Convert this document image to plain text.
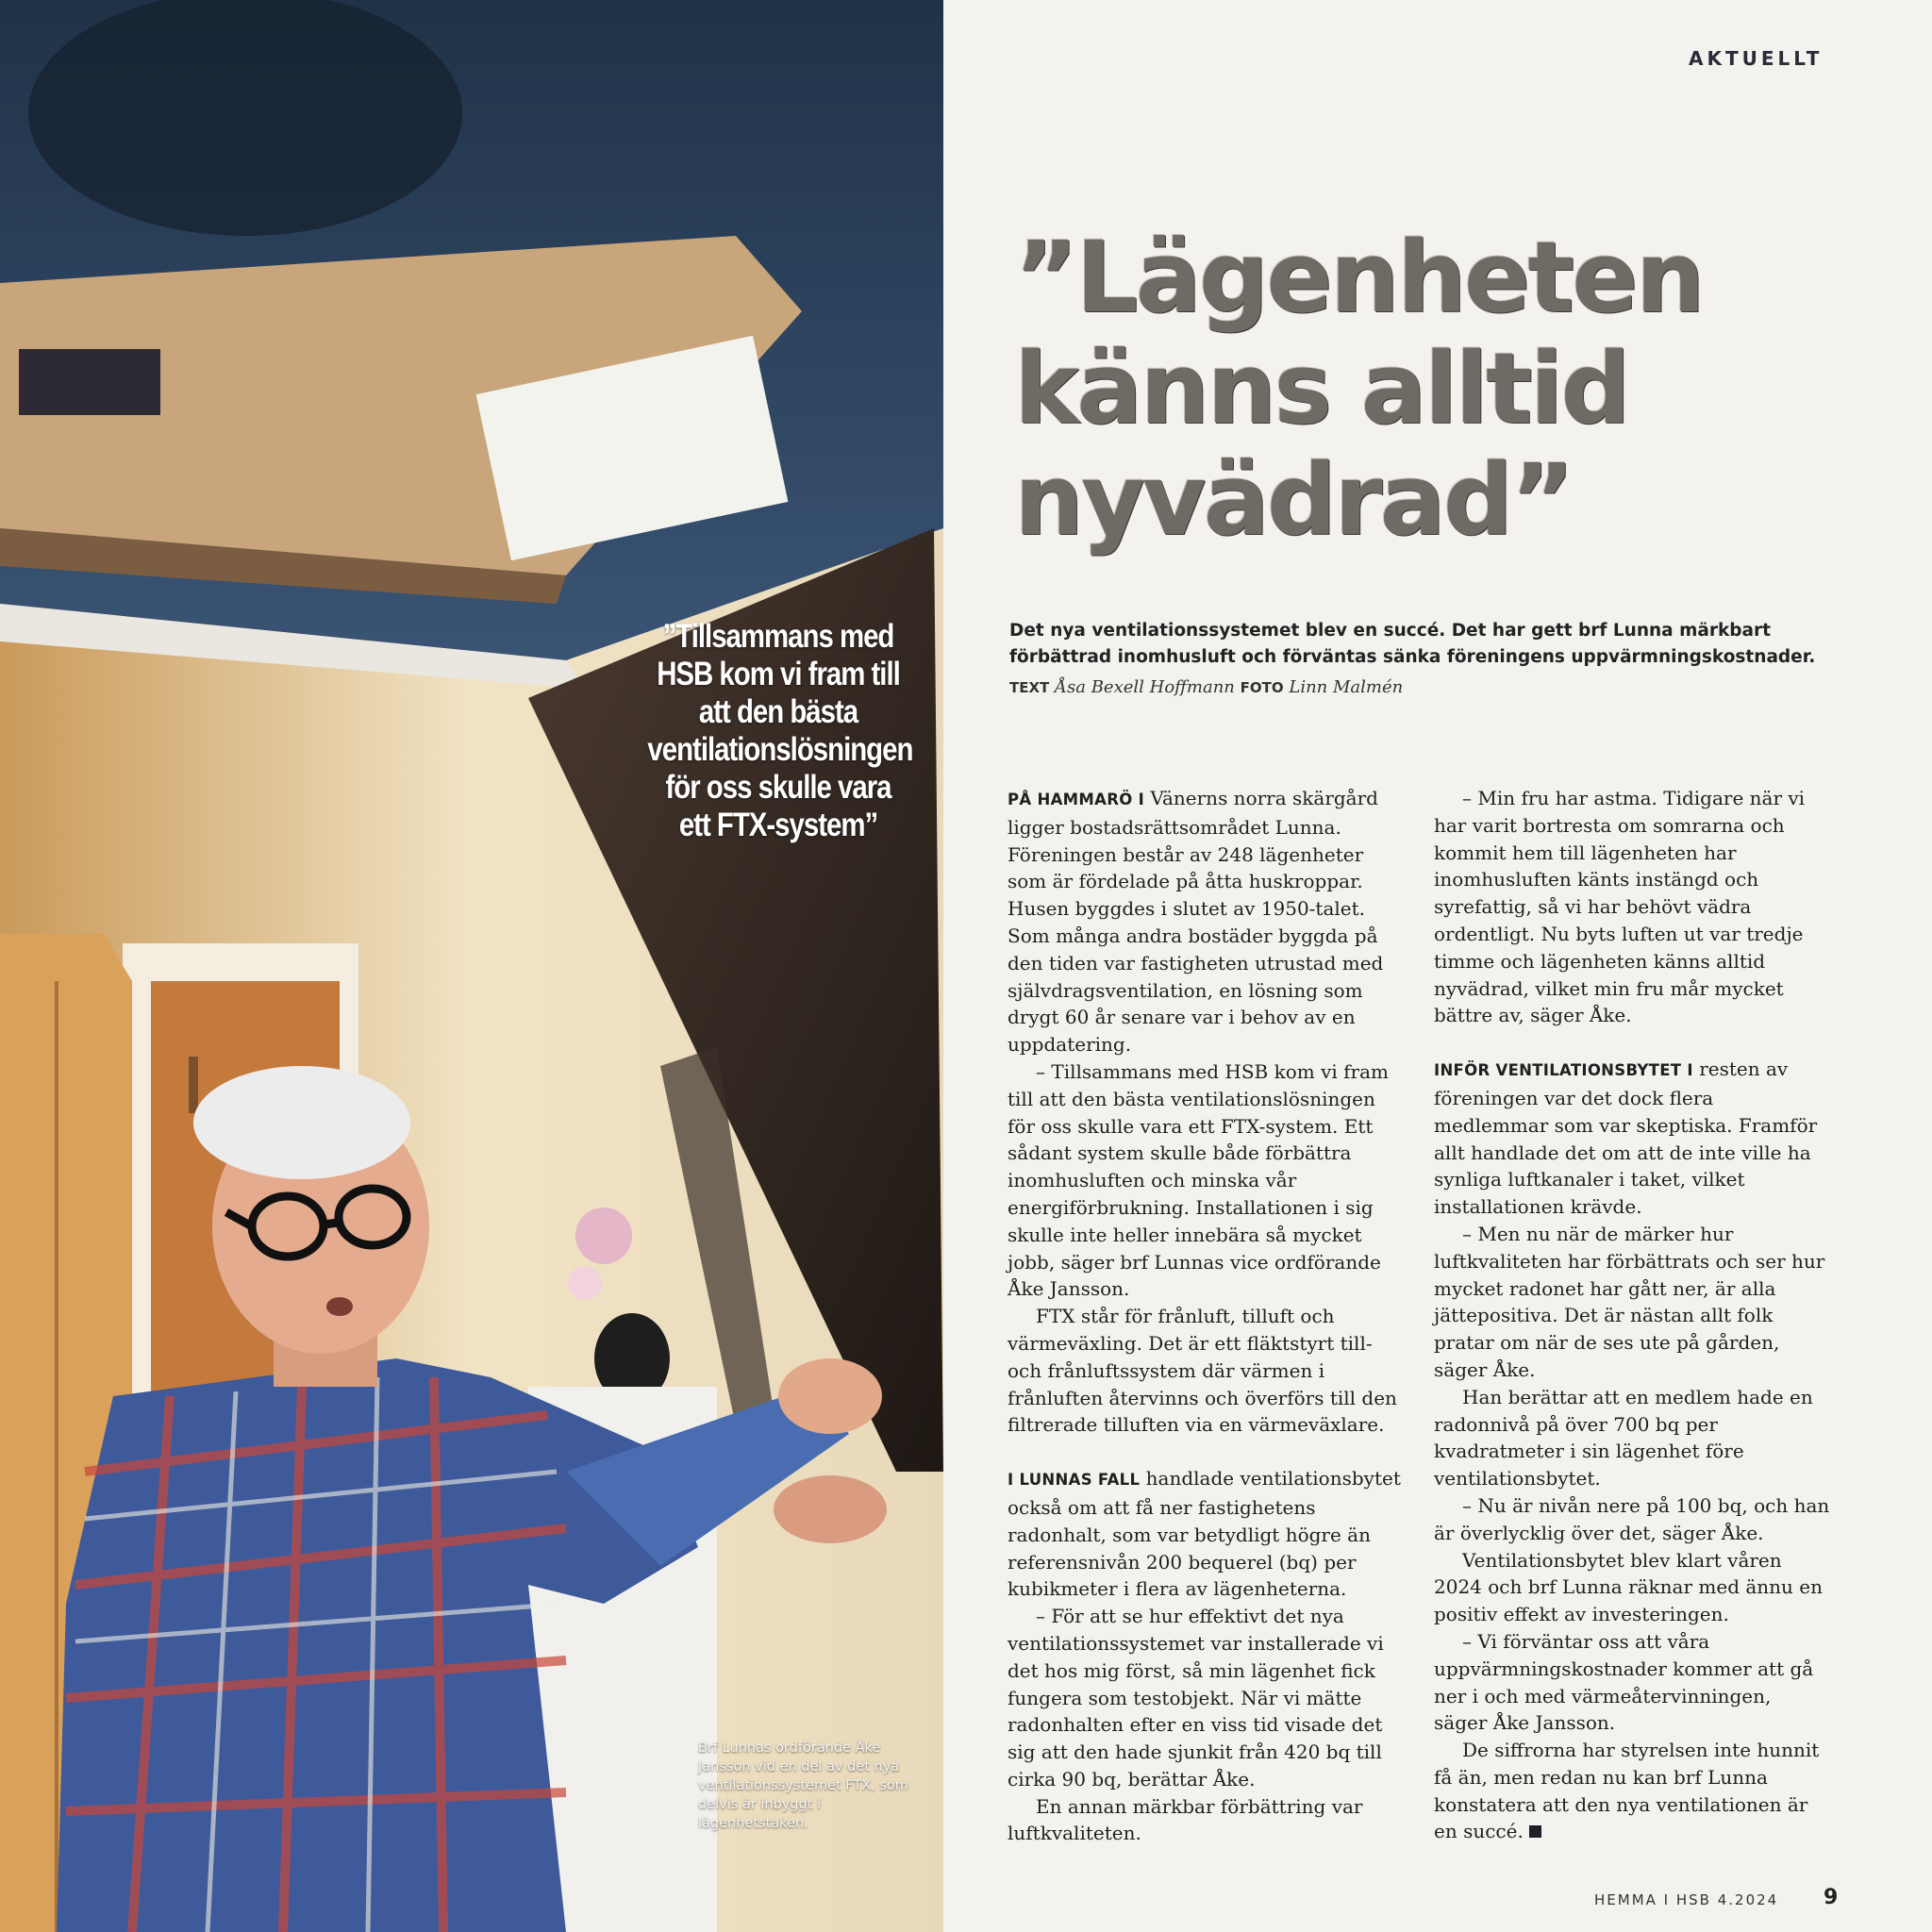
”Tillsammans med HSB kom vi fram till att den bästa ventilationslösningen för oss skulle vara ett FTX-system”
Brf Lunnas ordförande Åke Jansson vid en del av det nya ventilationssystemet FTX, som delvis är inbyggt i lägenhetstaken.
AKTUELLT
”Lägenheten
känns alltid
nyvädrad”
Det nya ventilationssystemet blev en succé. Det har gett brf Lunna märkbart förbättrad inomhusluft och förväntas sänka föreningens uppvärmningskostnader.
TEXT Åsa Bexell Hoffmann FOTO Linn Malmén

PÅ HAMMARÖ I Vänerns norra skärgård ligger bostadsrättsområdet Lunna. Föreningen består av 248 lägenheter som är fördelade på åtta huskroppar. Husen byggdes i slutet av 1950-talet. Som många andra bostäder byggda på den tiden var fastigheten utrustad med självdragsventilation, en lösning som drygt 60 år senare var i behov av en uppdatering.

– Tillsammans med HSB kom vi fram till att den bästa ventilationslösningen för oss skulle vara ett FTX-system. Ett sådant system skulle både förbättra inomhusluften och minska vår energiförbrukning. Installationen i sig skulle inte heller innebära så mycket jobb, säger brf Lunnas vice ordförande Åke Jansson.

FTX står för frånluft, tilluft och värmeväxling. Det är ett fläktstyrt till- och frånluftssystem där värmen i frånluften återvinns och överförs till den filtrerade tilluften via en värmeväxlare.

I LUNNAS FALL handlade ventilationsbytet också om att få ner fastighetens radonhalt, som var betydligt högre än referensnivån 200 bequerel (bq) per kubikmeter i flera av lägenheterna.

– För att se hur effektivt det nya ventilationssystemet var installerade vi det hos mig först, så min lägenhet fick fungera som testobjekt. När vi mätte radonhalten efter en viss tid visade det sig att den hade sjunkit från 420 bq till cirka 90 bq, berättar Åke.

En annan märkbar förbättring var luftkvaliteten.

– Min fru har astma. Tidigare när vi har varit bortresta om somrarna och kommit hem till lägenheten har inomhusluften känts instängd och syrefattig, så vi har behövt vädra ordentligt. Nu byts luften ut var tredje timme och lägenheten känns alltid nyvädrad, vilket min fru mår mycket bättre av, säger Åke.

INFÖR VENTILATIONSBYTET I resten av föreningen var det dock flera medlemmar som var skeptiska. Framför allt handlade det om att de inte ville ha synliga luftkanaler i taket, vilket installationen krävde.

– Men nu när de märker hur luftkvaliteten har förbättrats och ser hur mycket radonet har gått ner, är alla jättepositiva. Det är nästan allt folk pratar om när de ses ute på gården, säger Åke.

Han berättar att en medlem hade en radonnivå på över 700 bq per kvadratmeter i sin lägenhet före ventilationsbytet.

– Nu är nivån nere på 100 bq, och han är överlycklig över det, säger Åke.

Ventilationsbytet blev klart våren 2024 och brf Lunna räknar med ännu en positiv effekt av investeringen.

– Vi förväntar oss att våra uppvärmningskostnader kommer att gå ner i och med värmeåtervinningen, säger Åke Jansson.

De siffrorna har styrelsen inte hunnit få än, men redan nu kan brf Lunna konstatera att den nya ventilationen är en succé.

HEMMA I HSB 4.2024 9
